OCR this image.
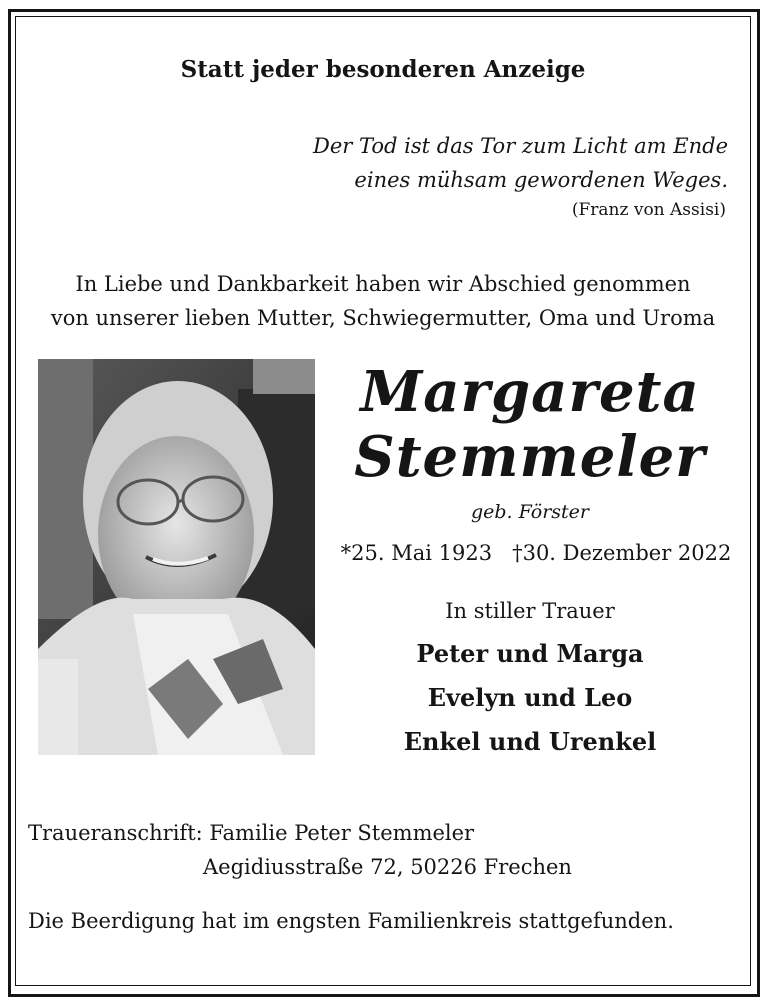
Statt jeder besonderen Anzeige
Der Tod ist das Tor zum Licht am Ende
eines mühsam gewordenen Weges.
(Franz von Assisi)
In Liebe und Dankbarkeit haben wir Abschied genommen
von unserer lieben Mutter, Schwiegermutter, Oma und Uroma
Margareta
Stemmeler
geb. Förster
*25. Mai 1923   †30. Dezember 2022
In stiller Trauer
Peter und Marga
Evelyn und Leo
Enkel und Urenkel
Traueranschrift: Familie Peter Stemmeler
Aegidiusstraße 72, 50226 Frechen
Die Beerdigung hat im engsten Familienkreis stattgefunden.
